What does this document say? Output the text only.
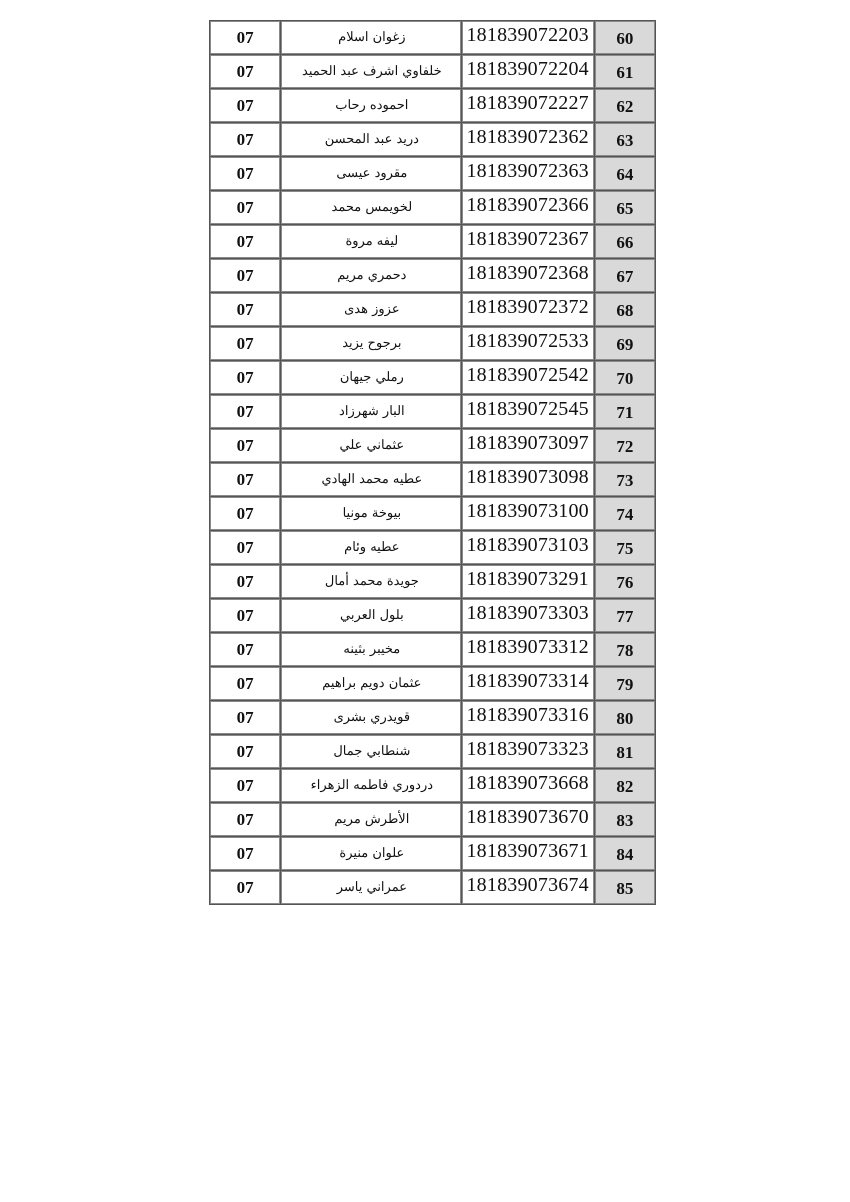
07	زغوان اسلام	181839072203	60
07	خلفاوي اشرف عبد الحميد	181839072204	61
07	احموده رحاب	181839072227	62
07	دريد عبد المحسن	181839072362	63
07	مقرود عيسى	181839072363	64
07	لخويمس محمد	181839072366	65
07	ليفه مروة	181839072367	66
07	دحمري مريم	181839072368	67
07	عزوز هدى	181839072372	68
07	برجوح يزيد	181839072533	69
07	رملي جيهان	181839072542	70
07	البار شهرزاد	181839072545	71
07	عثماني علي	181839073097	72
07	عطيه محمد الهادي	181839073098	73
07	بيوخة مونيا	181839073100	74
07	عطيه وئام	181839073103	75
07	جويدة محمد أمال	181839073291	76
07	بلول العربي	181839073303	77
07	مخيبر بثينه	181839073312	78
07	عثمان دويم براهيم	181839073314	79
07	قويدري بشرى	181839073316	80
07	شنطابي جمال	181839073323	81
07	دردوري فاطمه الزهراء	181839073668	82
07	الأطرش مريم	181839073670	83
07	علوان منيرة	181839073671	84
07	عمراني ياسر	181839073674	85
